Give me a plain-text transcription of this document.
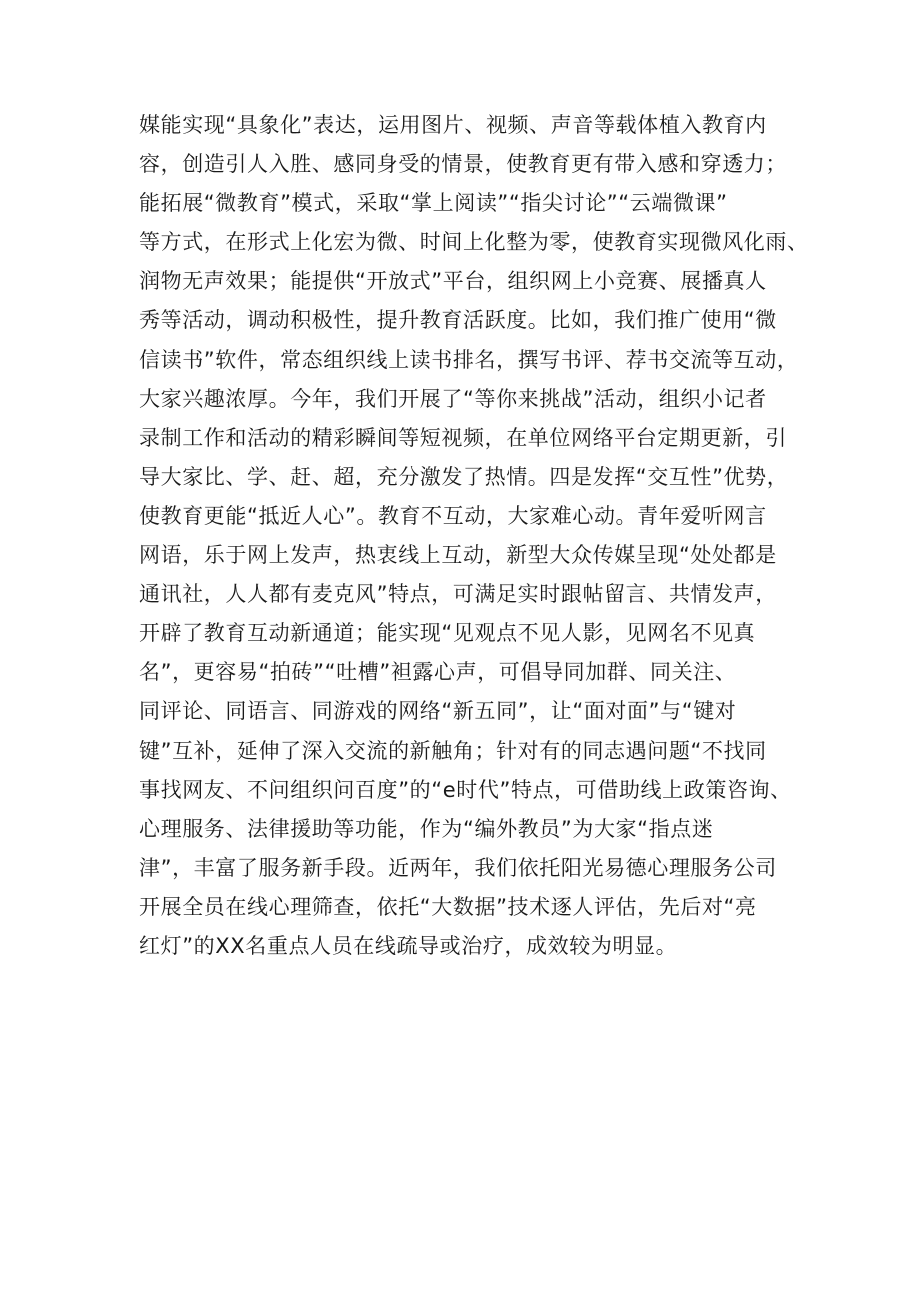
媒能实现“具象化”表达，运用图片、视频、声音等载体植入教育内
容，创造引人入胜、感同身受的情景，使教育更有带入感和穿透力；
能拓展“微教育”模式，采取“掌上阅读”“指尖讨论”“云端微课”
等方式，在形式上化宏为微、时间上化整为零，使教育实现微风化雨、
润物无声效果；能提供“开放式”平台，组织网上小竞赛、展播真人
秀等活动，调动积极性，提升教育活跃度。比如，我们推广使用“微
信读书”软件，常态组织线上读书排名，撰写书评、荐书交流等互动，
大家兴趣浓厚。今年，我们开展了“等你来挑战”活动，组织小记者
录制工作和活动的精彩瞬间等短视频，在单位网络平台定期更新，引
导大家比、学、赶、超，充分激发了热情。四是发挥“交互性”优势，
使教育更能“抵近人心”。教育不互动，大家难心动。青年爱听网言
网语，乐于网上发声，热衷线上互动，新型大众传媒呈现“处处都是
通讯社，人人都有麦克风”特点，可满足实时跟帖留言、共情发声，
开辟了教育互动新通道；能实现“见观点不见人影，见网名不见真
名”，更容易“拍砖”“吐槽”袒露心声，可倡导同加群、同关注、
同评论、同语言、同游戏的网络“新五同”，让“面对面”与“键对
键”互补，延伸了深入交流的新触角；针对有的同志遇问题“不找同
事找网友、不问组织问百度”的“e时代”特点，可借助线上政策咨询、
心理服务、法律援助等功能，作为“编外教员”为大家“指点迷
津”，丰富了服务新手段。近两年，我们依托阳光易德心理服务公司
开展全员在线心理筛查，依托“大数据”技术逐人评估，先后对“亮
红灯”的XX名重点人员在线疏导或治疗，成效较为明显。
